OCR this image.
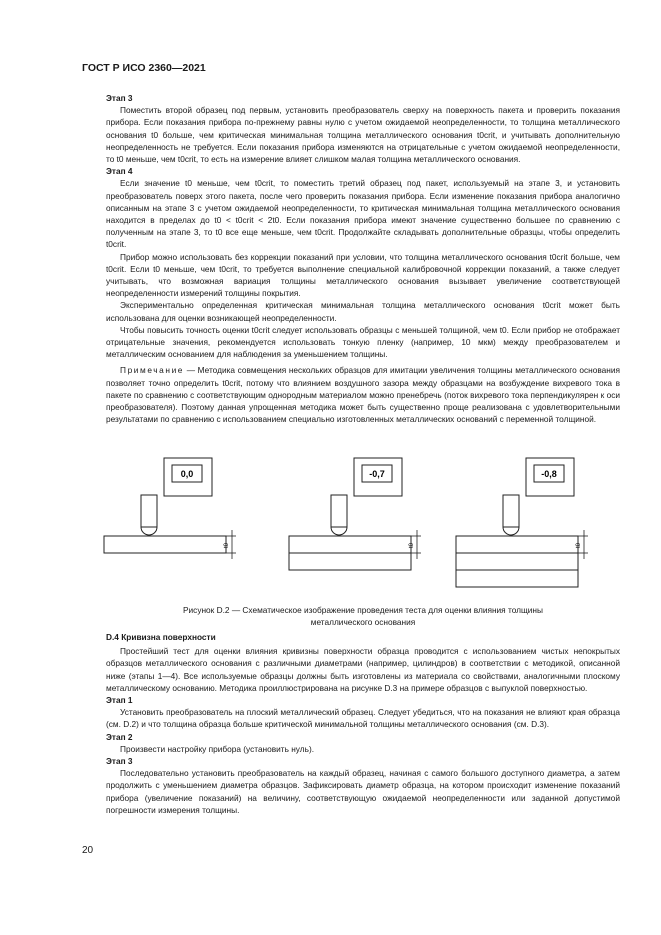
ГОСТ Р ИСО 2360—2021

Этап 3

Поместить второй образец под первым, установить преобразователь сверху на поверхность пакета и проверить показания прибора. Если показания прибора по-прежнему равны нулю с учетом ожидаемой неопределенности, то толщина металлического основания t0 больше, чем критическая минимальная толщина металлического основания t0crit, и учитывать дополнительную неопределенность не требуется. Если показания прибора изменяются на отрицательные с учетом ожидаемой неопределенности, то t0 меньше, чем t0crit, то есть на измерение влияет слишком малая толщина металлического основания.

Этап 4

Если значение t0 меньше, чем t0crit, то поместить третий образец под пакет, используемый на этапе 3, и установить преобразователь поверх этого пакета, после чего проверить показания прибора. Если изменение показания прибора аналогично описанным на этапе 3 с учетом ожидаемой неопределенности, то критическая минимальная толщина металлического основания находится в пределах до t0 < t0crit < 2t0. Если показания прибора имеют значение существенно большее по сравнению с полученным на этапе 3, то t0 все еще меньше, чем t0crit. Продолжайте складывать дополнительные образцы, чтобы определить t0crit.

Прибор можно использовать без коррекции показаний при условии, что толщина металлического основания t0crit больше, чем t0crit. Если t0 меньше, чем t0crit, то требуется выполнение специальной калибровочной коррекции показаний, а также следует учитывать, что возможная вариация толщины металлического основания вызывает увеличение соответствующей неопределенности измерений толщины покрытия.

Экспериментально определенная критическая минимальная толщина металлического основания t0crit может быть использована для оценки возникающей неопределенности.

Чтобы повысить точность оценки t0crit следует использовать образцы с меньшей толщиной, чем t0. Если прибор не отображает отрицательные значения, рекомендуется использовать тонкую пленку (например, 10 мкм) между преобразователем и металлическим основанием для наблюдения за уменьшением толщины.

Примечание — Методика совмещения нескольких образцов для имитации увеличения толщины металлического основания позволяет точно определить t0crit, потому что влиянием воздушного зазора между образцами на возбуждение вихревого тока в пакете по сравнению с соответствующим однородным материалом можно пренебречь (поток вихревого тока перпендикулярен к оси преобразователя). Поэтому данная упрощенная методика может быть существенно проще реализована с удовлетворительными результатами по сравнению с использованием специально изготовленных металлических оснований с переменной толщиной.

0,0
t0
-0,7
t0
-0,8
t0
Рисунок D.2 — Схематическое изображение проведения теста для оценки влияния толщины
металлического основания

D.4 Кривизна поверхности

Простейший тест для оценки влияния кривизны поверхности образца проводится с использованием чистых непокрытых образцов металлического основания с различными диаметрами (например, цилиндров) в соответствии с методикой, описанной ниже (этапы 1—4). Все используемые образцы должны быть изготовлены из материала со свойствами, аналогичными плоскому металлическому основанию. Методика проиллюстрирована на рисунке D.3 на примере образцов с выпуклой поверхностью.

Этап 1

Установить преобразователь на плоский металлический образец. Следует убедиться, что на показания не влияют края образца (см. D.2) и что толщина образца больше критической минимальной толщины металлического основания (см. D.3).

Этап 2

Произвести настройку прибора (установить нуль).

Этап 3

Последовательно установить преобразователь на каждый образец, начиная с самого большого доступного диаметра, а затем продолжить с уменьшением диаметра образцов. Зафиксировать диаметр образца, на котором происходит изменение показаний прибора (увеличение показаний) на величину, соответствующую ожидаемой неопределенности или заданной допустимой погрешности измерения толщины.

20
